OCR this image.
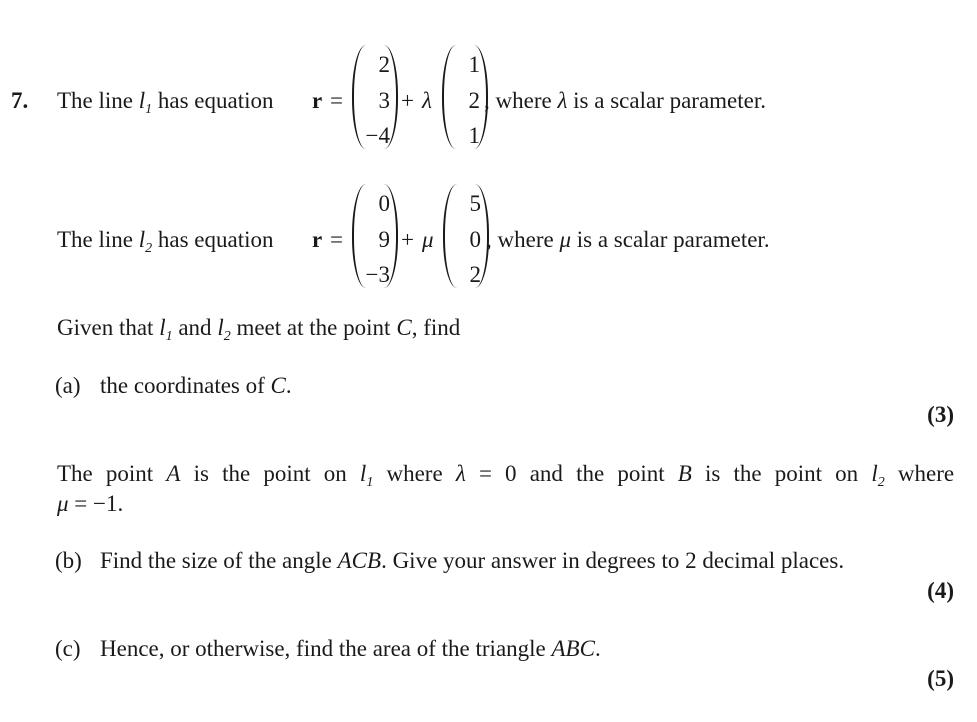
7. The line $l_1$ has equation r =
2
3
−4
+ λ
1
2
1
, where λ is a scalar parameter.
The line $l_2$ has equation r =
0
9
−3
+ μ
5
0
2
, where μ is a scalar parameter.
Given that $l_1$ and $l_2$ meet at the point C, find
(a) the coordinates of C.
(3)
The point A is the point on $l_1$ where λ = 0 and the point B is the point on $l_2$ where
μ = −1.
(b) Find the size of the angle ACB. Give your answer in degrees to 2 decimal places.
(4)
(c) Hence, or otherwise, find the area of the triangle ABC.
(5)
